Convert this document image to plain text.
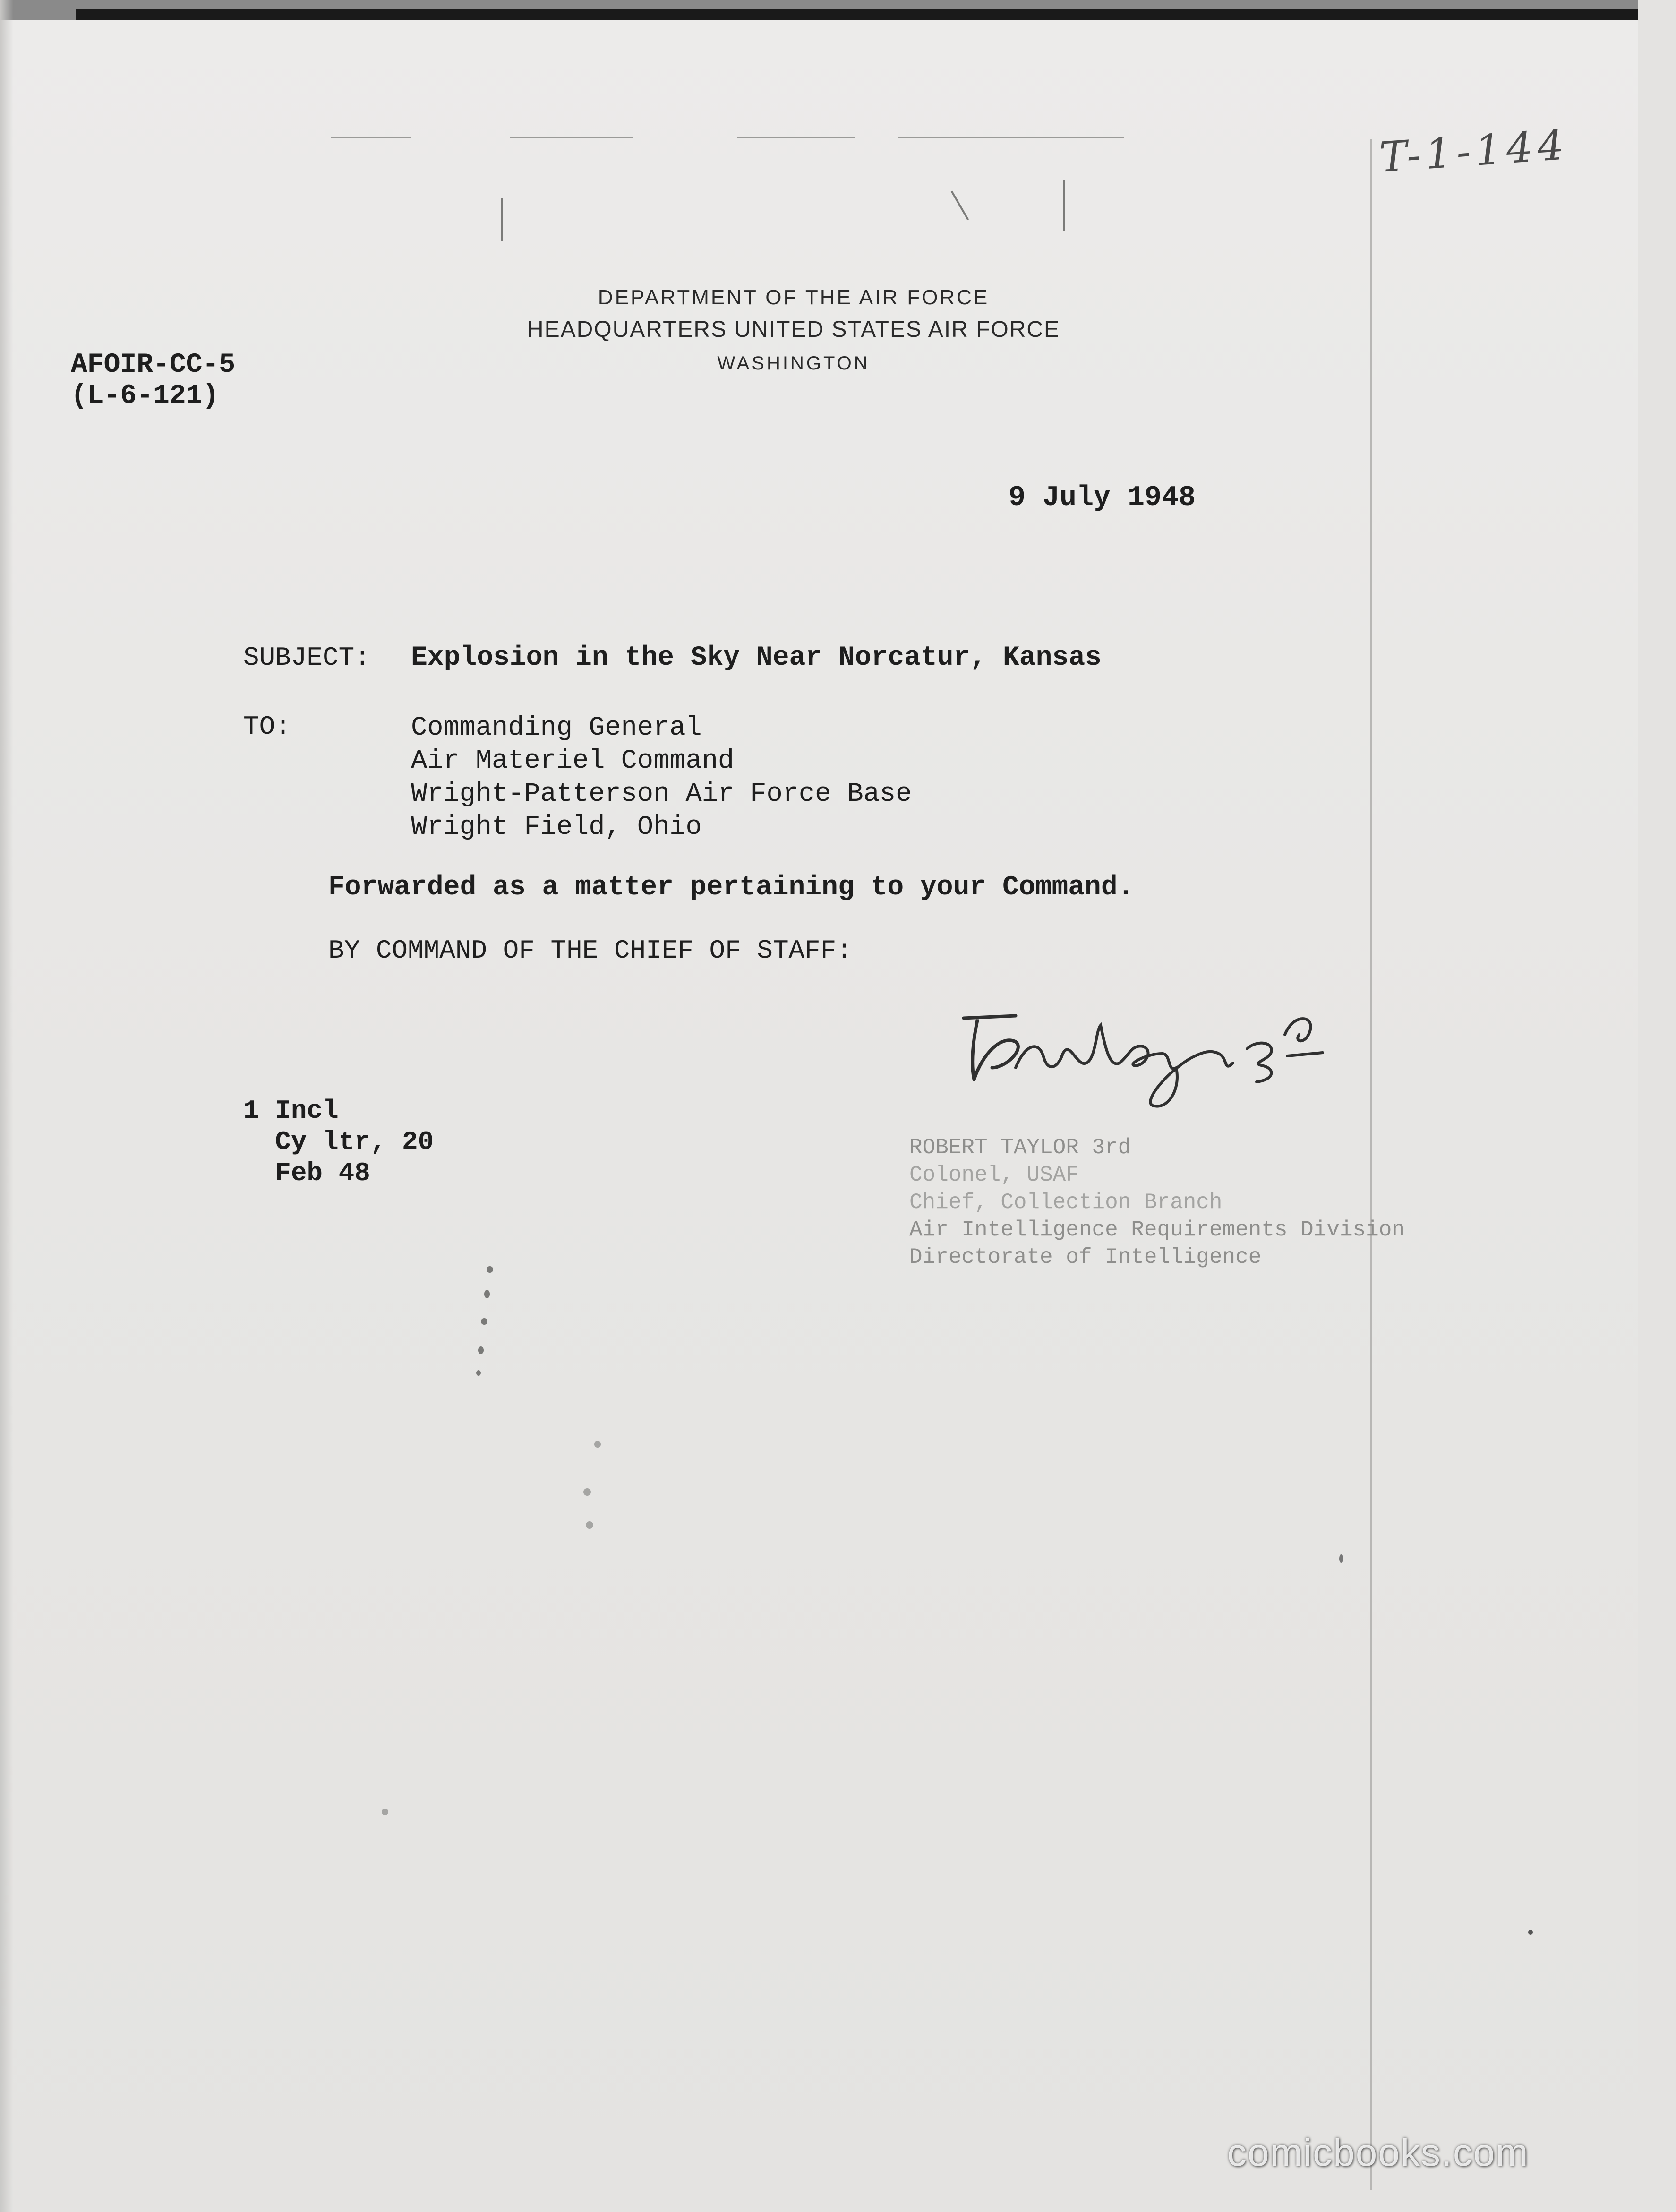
T-1-144
DEPARTMENT OF THE AIR FORCE
HEADQUARTERS UNITED STATES AIR FORCE
WASHINGTON
AFOIR-CC-5
(L-6-121)
9 July 1948
SUBJECT: Explosion in the Sky Near Norcatur, Kansas
TO:	Commanding General
Air Materiel Command
Wright-Patterson Air Force Base
Wright Field, Ohio
Forwarded as a matter pertaining to your Command.
BY COMMAND OF THE CHIEF OF STAFF:
1 Incl
Cy ltr, 20
Feb 48
ROBERT TAYLOR 3rd
Colonel, USAF
Chief, Collection Branch
Air Intelligence Requirements Division
Directorate of Intelligence
comicbooks.com
